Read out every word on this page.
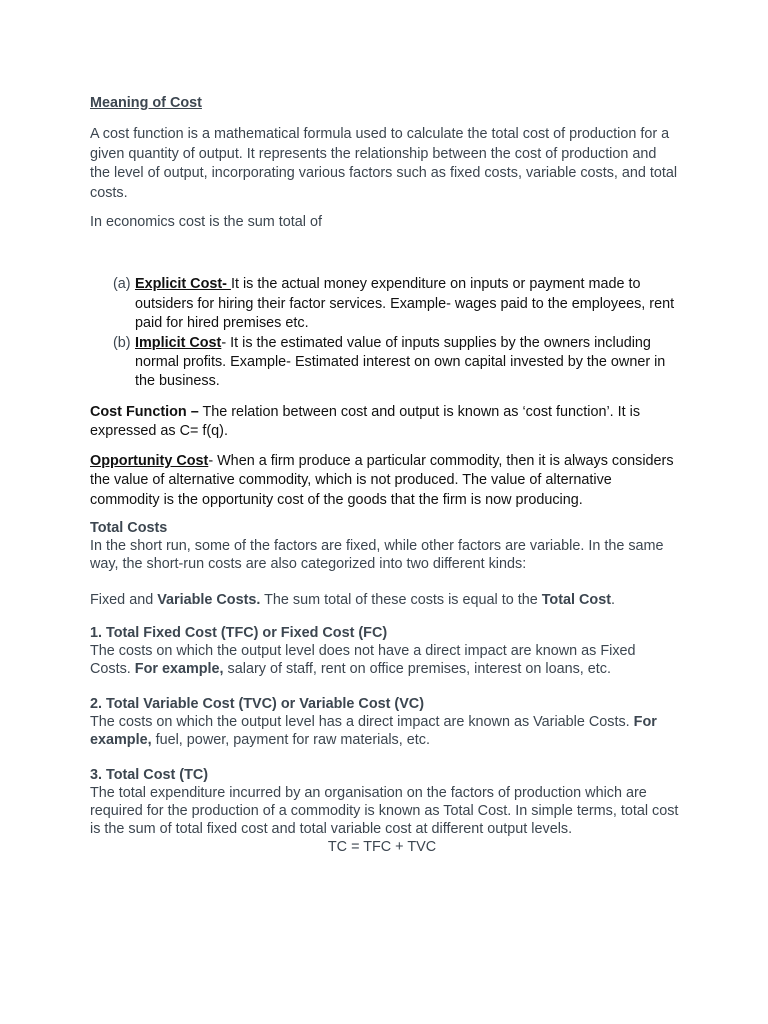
Meaning of Cost

A cost function is a mathematical formula used to calculate the total cost of production for a given quantity of output. It represents the relationship between the cost of production and the level of output, incorporating various factors such as fixed costs, variable costs, and total costs.

In economics cost is the sum total of

(a) Explicit Cost- It is the actual money expenditure on inputs or payment made to outsiders for hiring their factor services. Example- wages paid to the employees, rent paid for hired premises etc.
(b) Implicit Cost- It is the estimated value of inputs supplies by the owners including normal profits. Example- Estimated interest on own capital invested by the owner in the business.

Cost Function – The relation between cost and output is known as ‘cost function’. It is expressed as C= f(q).

Opportunity Cost- When a firm produce a particular commodity, then it is always considers the value of alternative commodity, which is not produced. The value of alternative commodity is the opportunity cost of the goods that the firm is now producing.

Total Costs

In the short run, some of the factors are fixed, while other factors are variable. In the same way, the short-run costs are also categorized into two different kinds:

Fixed and Variable Costs. The sum total of these costs is equal to the Total Cost.

1. Total Fixed Cost (TFC) or Fixed Cost (FC)

The costs on which the output level does not have a direct impact are known as Fixed Costs. For example, salary of staff, rent on office premises, interest on loans, etc.

2. Total Variable Cost (TVC) or Variable Cost (VC)

The costs on which the output level has a direct impact are known as Variable Costs. For example, fuel, power, payment for raw materials, etc.

3. Total Cost (TC)

The total expenditure incurred by an organisation on the factors of production which are required for the production of a commodity is known as Total Cost. In simple terms, total cost is the sum of total fixed cost and total variable cost at different output levels.

TC = TFC + TVC
